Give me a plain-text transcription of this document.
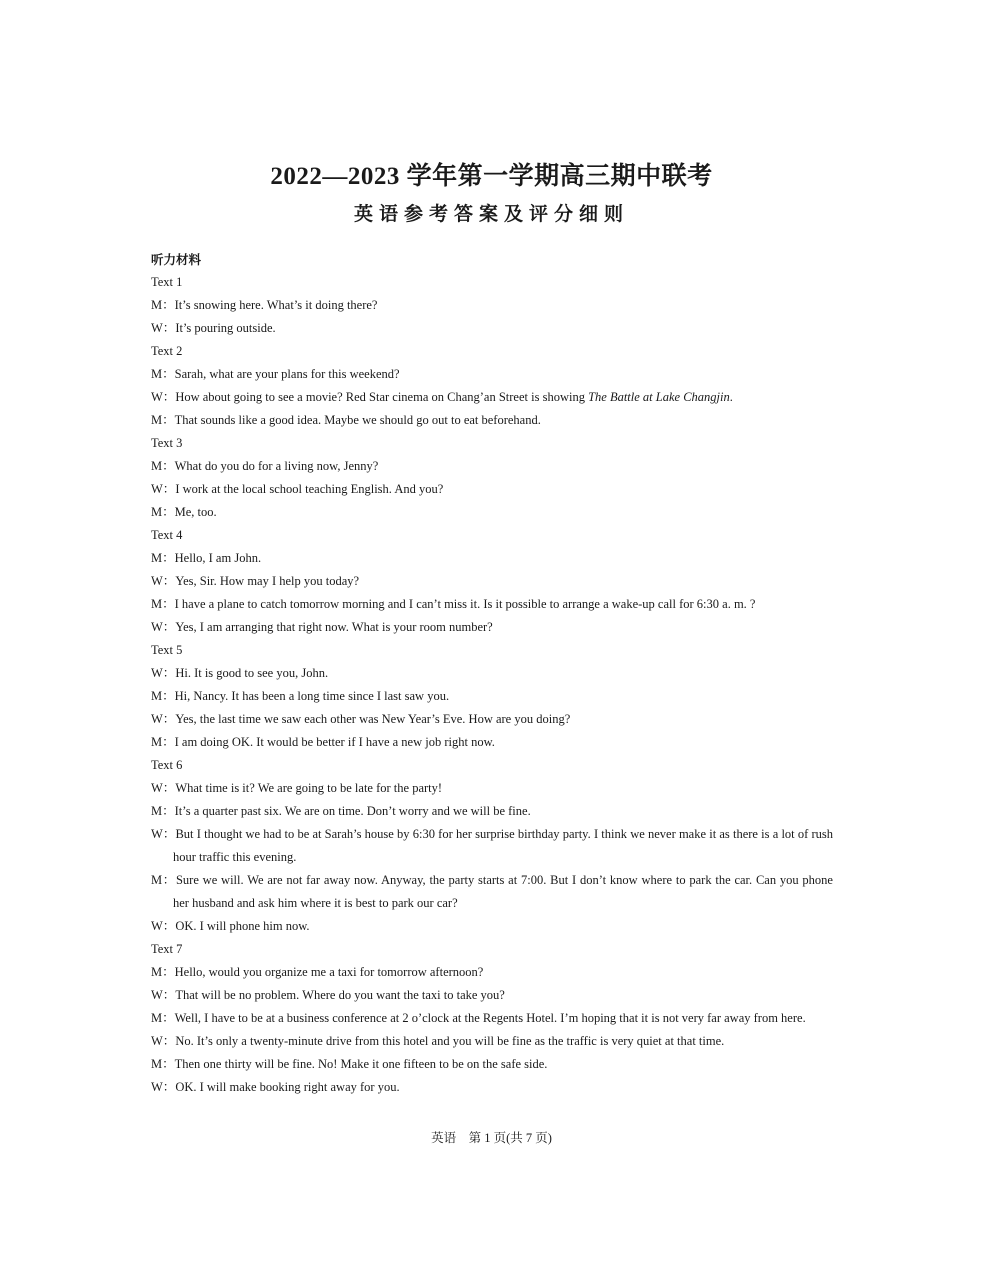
2022—2023 学年第一学期高三期中联考
英语参考答案及评分细则
听力材料
Text 1
M：It’s snowing here. What’s it doing there?
W：It’s pouring outside.
Text 2
M：Sarah, what are your plans for this weekend?
W：How about going to see a movie? Red Star cinema on Chang’an Street is showing The Battle at Lake Changjin.
M：That sounds like a good idea. Maybe we should go out to eat beforehand.
Text 3
M：What do you do for a living now, Jenny?
W：I work at the local school teaching English. And you?
M：Me, too.
Text 4
M：Hello, I am John.
W：Yes, Sir. How may I help you today?
M：I have a plane to catch tomorrow morning and I can’t miss it. Is it possible to arrange a wake-up call for 6:30 a. m. ?
W：Yes, I am arranging that right now. What is your room number?
Text 5
W：Hi. It is good to see you, John.
M：Hi, Nancy. It has been a long time since I last saw you.
W：Yes, the last time we saw each other was New Year’s Eve. How are you doing?
M：I am doing OK. It would be better if I have a new job right now.
Text 6
W：What time is it? We are going to be late for the party!
M：It’s a quarter past six. We are on time. Don’t worry and we will be fine.
W：But I thought we had to be at Sarah’s house by 6:30 for her surprise birthday party. I think we never make it as there is a lot of rush hour traffic this evening.
M：Sure we will. We are not far away now. Anyway, the party starts at 7:00. But I don’t know where to park the car. Can you phone her husband and ask him where it is best to park our car?
W：OK. I will phone him now.
Text 7
M：Hello, would you organize me a taxi for tomorrow afternoon?
W：That will be no problem. Where do you want the taxi to take you?
M：Well, I have to be at a business conference at 2 o’clock at the Regents Hotel. I’m hoping that it is not very far away from here.
W：No. It’s only a twenty-minute drive from this hotel and you will be fine as the traffic is very quiet at that time.
M：Then one thirty will be fine. No! Make it one fifteen to be on the safe side.
W：OK. I will make booking right away for you.
英语　第 1 页(共 7 页)
